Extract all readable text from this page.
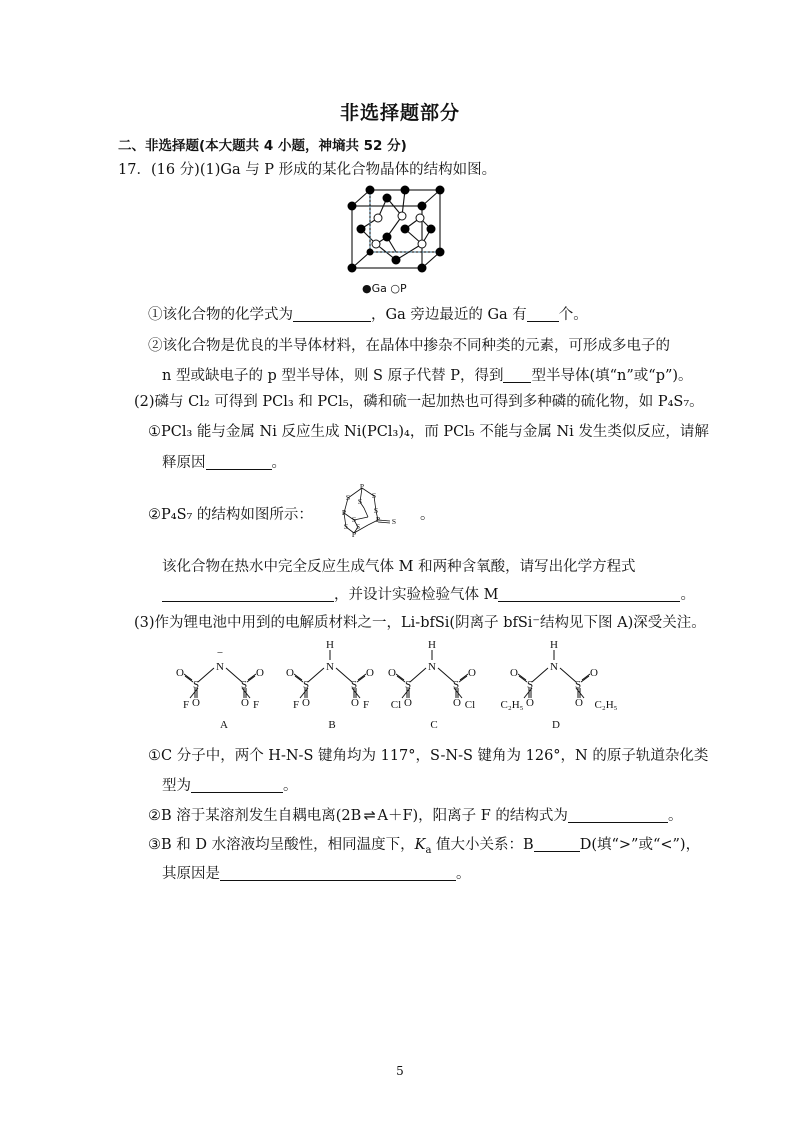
非选择题部分
二、非选择题(本大题共 4 小题，神墒共 52 分)
17．(16 分)(1)Ga 与 P 形成的某化合物晶体的结构如图。
●Ga ○P
①该化合物的化学式为	，Ga 旁边最近的 Ga 有 个。
②该化合物是优良的半导体材料，在晶体中掺杂不同种类的元素，可形成多电子的
n 型或缺电子的 p 型半导体，则 S 原子代替 P，得到 型半导体(填“n”或“p”)。
(2)磷与 Cl₂ 可得到 PCl₃ 和 PCl₅，磷和硫一起加热也可得到多种磷的硫化物，如 P₄S₇。
①PCl₃ 能与金属 Ni 反应生成 Ni(PCl₃)₄，而 PCl₅ 不能与金属 Ni 发生类似反应，请解
释原因	。
②P₄S₇ 的结构如图所示：
P
S	S
S
P	S
S	P S
S S
P
。
该化合物在热水中完全反应生成气体 M 和两种含氧酸，请写出化学方程式
，并设计实验检验气体 M	。
(3)作为锂电池中用到的电解质材料之一，Li-bfSi(阴离子 bfSi⁻结构见下图 A)深受关注。
−
N
O
S
O
O
S
O
F	F
A
H
N
O
S
O
O
S
O
F	F
B
H
N
O
S
O
O
S
O
Cl	Cl
C
H
N
O
S
O
O
S
O
C₂H₅	C₂H₅
D
①C 分子中，两个 H-N-S 键角均为 117°，S-N-S 键角为 126°，N 的原子轨道杂化类
型为	。
②B 溶于某溶剂发生自耦电离(2B ⇌ A＋F)，阳离子 F 的结构式为	。
③B 和 D 水溶液均呈酸性，相同温度下，$K_a$ 值大小关系：B	D(填“>”或“<”)，
其原因是	。
5
